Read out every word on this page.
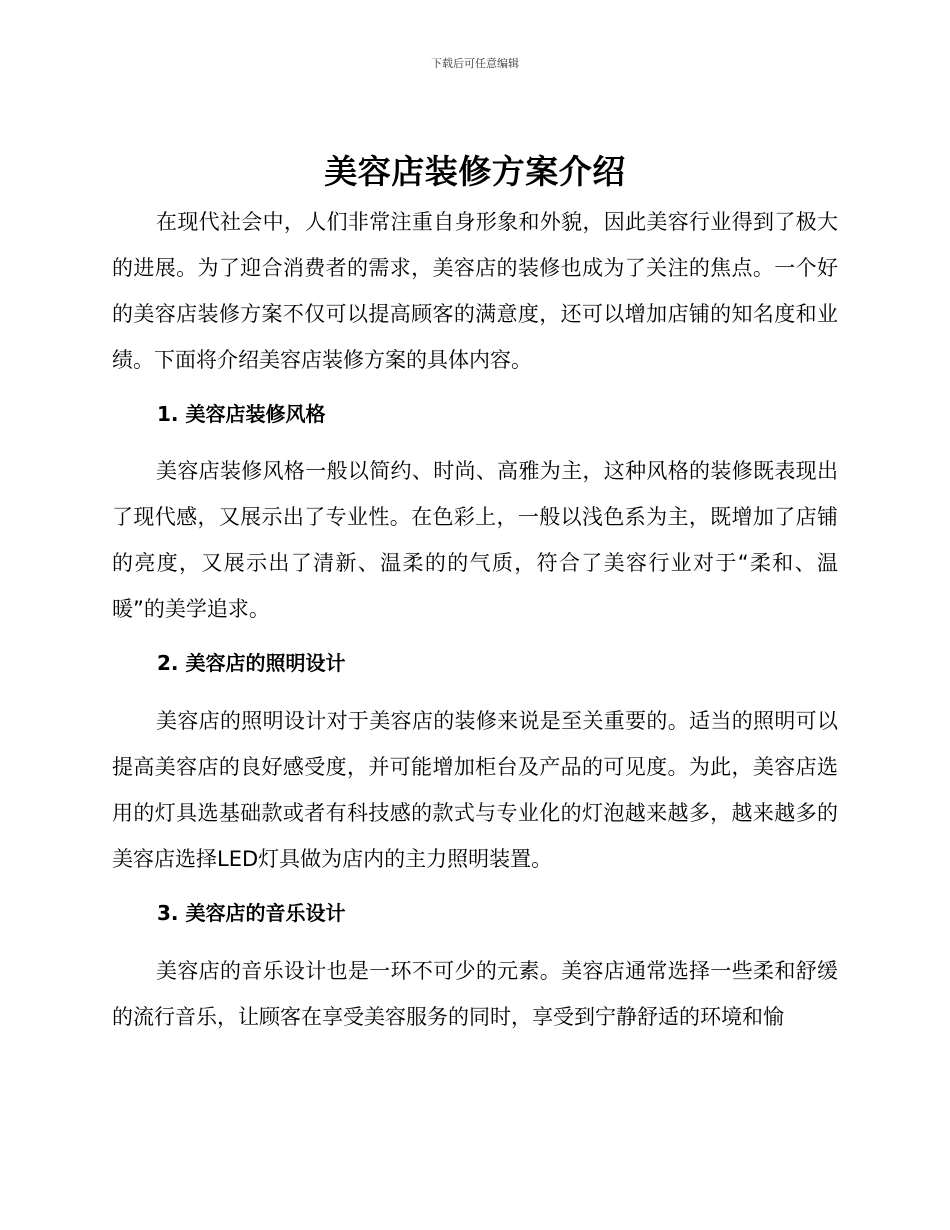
下载后可任意编辑
美容店装修方案介绍

在现代社会中，人们非常注重自身形象和外貌，因此美容行业得到了极大的进展。为了迎合消费者的需求，美容店的装修也成为了关注的焦点。一个好的美容店装修方案不仅可以提高顾客的满意度，还可以增加店铺的知名度和业绩。下面将介绍美容店装修方案的具体内容。

1. 美容店装修风格

美容店装修风格一般以简约、时尚、高雅为主，这种风格的装修既表现出了现代感，又展示出了专业性。在色彩上，一般以浅色系为主，既增加了店铺的亮度，又展示出了清新、温柔的的气质，符合了美容行业对于“柔和、温暖”的美学追求。

2. 美容店的照明设计

美容店的照明设计对于美容店的装修来说是至关重要的。适当的照明可以提高美容店的良好感受度，并可能增加柜台及产品的可见度。为此，美容店选用的灯具选基础款或者有科技感的款式与专业化的灯泡越来越多，越来越多的美容店选择LED灯具做为店内的主力照明装置。

3. 美容店的音乐设计

美容店的音乐设计也是一环不可少的元素。美容店通常选择一些柔和舒缓的流行音乐，让顾客在享受美容服务的同时，享受到宁静舒适的环境和愉
